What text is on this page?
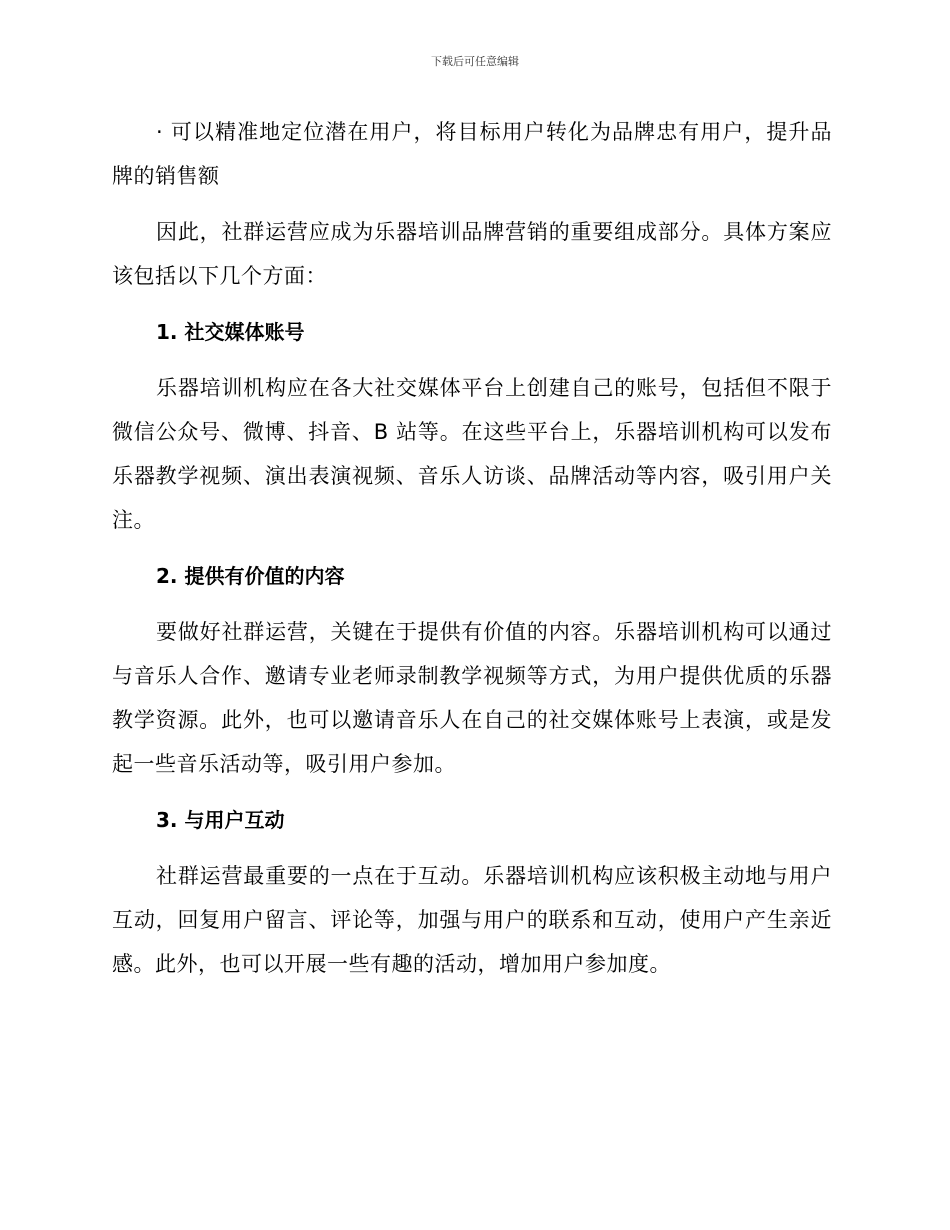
下载后可任意编辑

· 可以精准地定位潜在用户，将目标用户转化为品牌忠有用户，提升品牌的销售额

因此，社群运营应成为乐器培训品牌营销的重要组成部分。具体方案应该包括以下几个方面：

1. 社交媒体账号

乐器培训机构应在各大社交媒体平台上创建自己的账号，包括但不限于微信公众号、微博、抖音、B 站等。在这些平台上，乐器培训机构可以发布乐器教学视频、演出表演视频、音乐人访谈、品牌活动等内容，吸引用户关注。

2. 提供有价值的内容

要做好社群运营，关键在于提供有价值的内容。乐器培训机构可以通过与音乐人合作、邀请专业老师录制教学视频等方式，为用户提供优质的乐器教学资源。此外，也可以邀请音乐人在自己的社交媒体账号上表演，或是发起一些音乐活动等，吸引用户参加。

3. 与用户互动

社群运营最重要的一点在于互动。乐器培训机构应该积极主动地与用户互动，回复用户留言、评论等，加强与用户的联系和互动，使用户产生亲近感。此外，也可以开展一些有趣的活动，增加用户参加度。
